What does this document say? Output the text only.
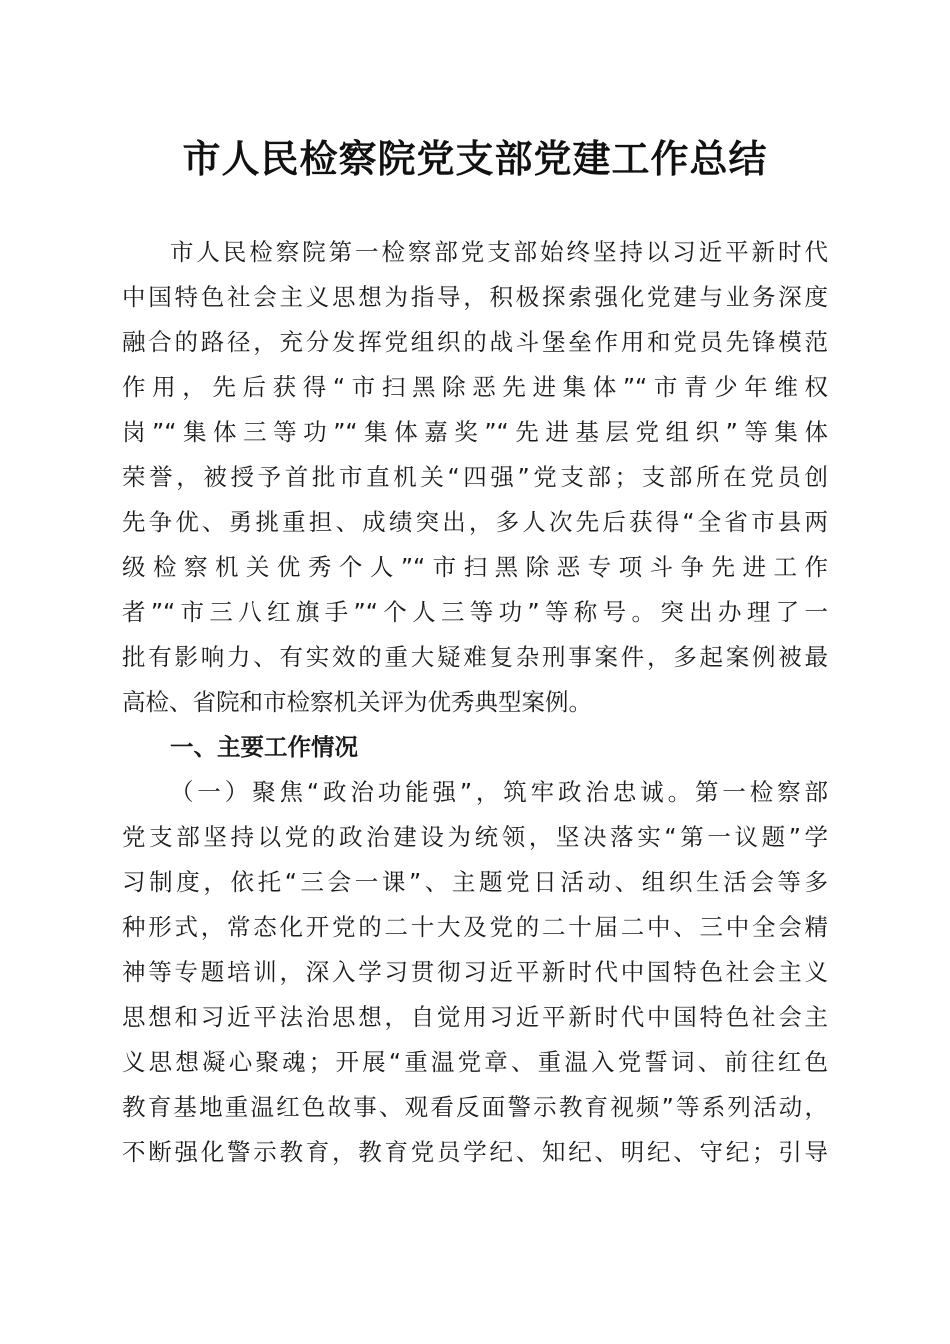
市人民检察院党支部党建工作总结
市人民检察院第一检察部党支部始终坚持以习近平新时代
中国特色社会主义思想为指导，积极探索强化党建与业务深度
融合的路径，充分发挥党组织的战斗堡垒作用和党员先锋模范
作用，先后获得“市扫黑除恶先进集体”“市青少年维权
岗”“集体三等功”“集体嘉奖”“先进基层党组织”等集体
荣誉，被授予首批市直机关“四强”党支部；支部所在党员创
先争优、勇挑重担、成绩突出，多人次先后获得“全省市县两
级检察机关优秀个人”“市扫黑除恶专项斗争先进工作
者”“市三八红旗手”“个人三等功”等称号。突出办理了一
批有影响力、有实效的重大疑难复杂刑事案件，多起案例被最
高检、省院和市检察机关评为优秀典型案例。
一、主要工作情况
（一）聚焦“政治功能强”，筑牢政治忠诚。第一检察部
党支部坚持以党的政治建设为统领，坚决落实“第一议题”学
习制度，依托“三会一课”、主题党日活动、组织生活会等多
种形式，常态化开党的二十大及党的二十届二中、三中全会精
神等专题培训，深入学习贯彻习近平新时代中国特色社会主义
思想和习近平法治思想，自觉用习近平新时代中国特色社会主
义思想凝心聚魂；开展“重温党章、重温入党誓词、前往红色
教育基地重温红色故事、观看反面警示教育视频”等系列活动，
不断强化警示教育，教育党员学纪、知纪、明纪、守纪；引导
